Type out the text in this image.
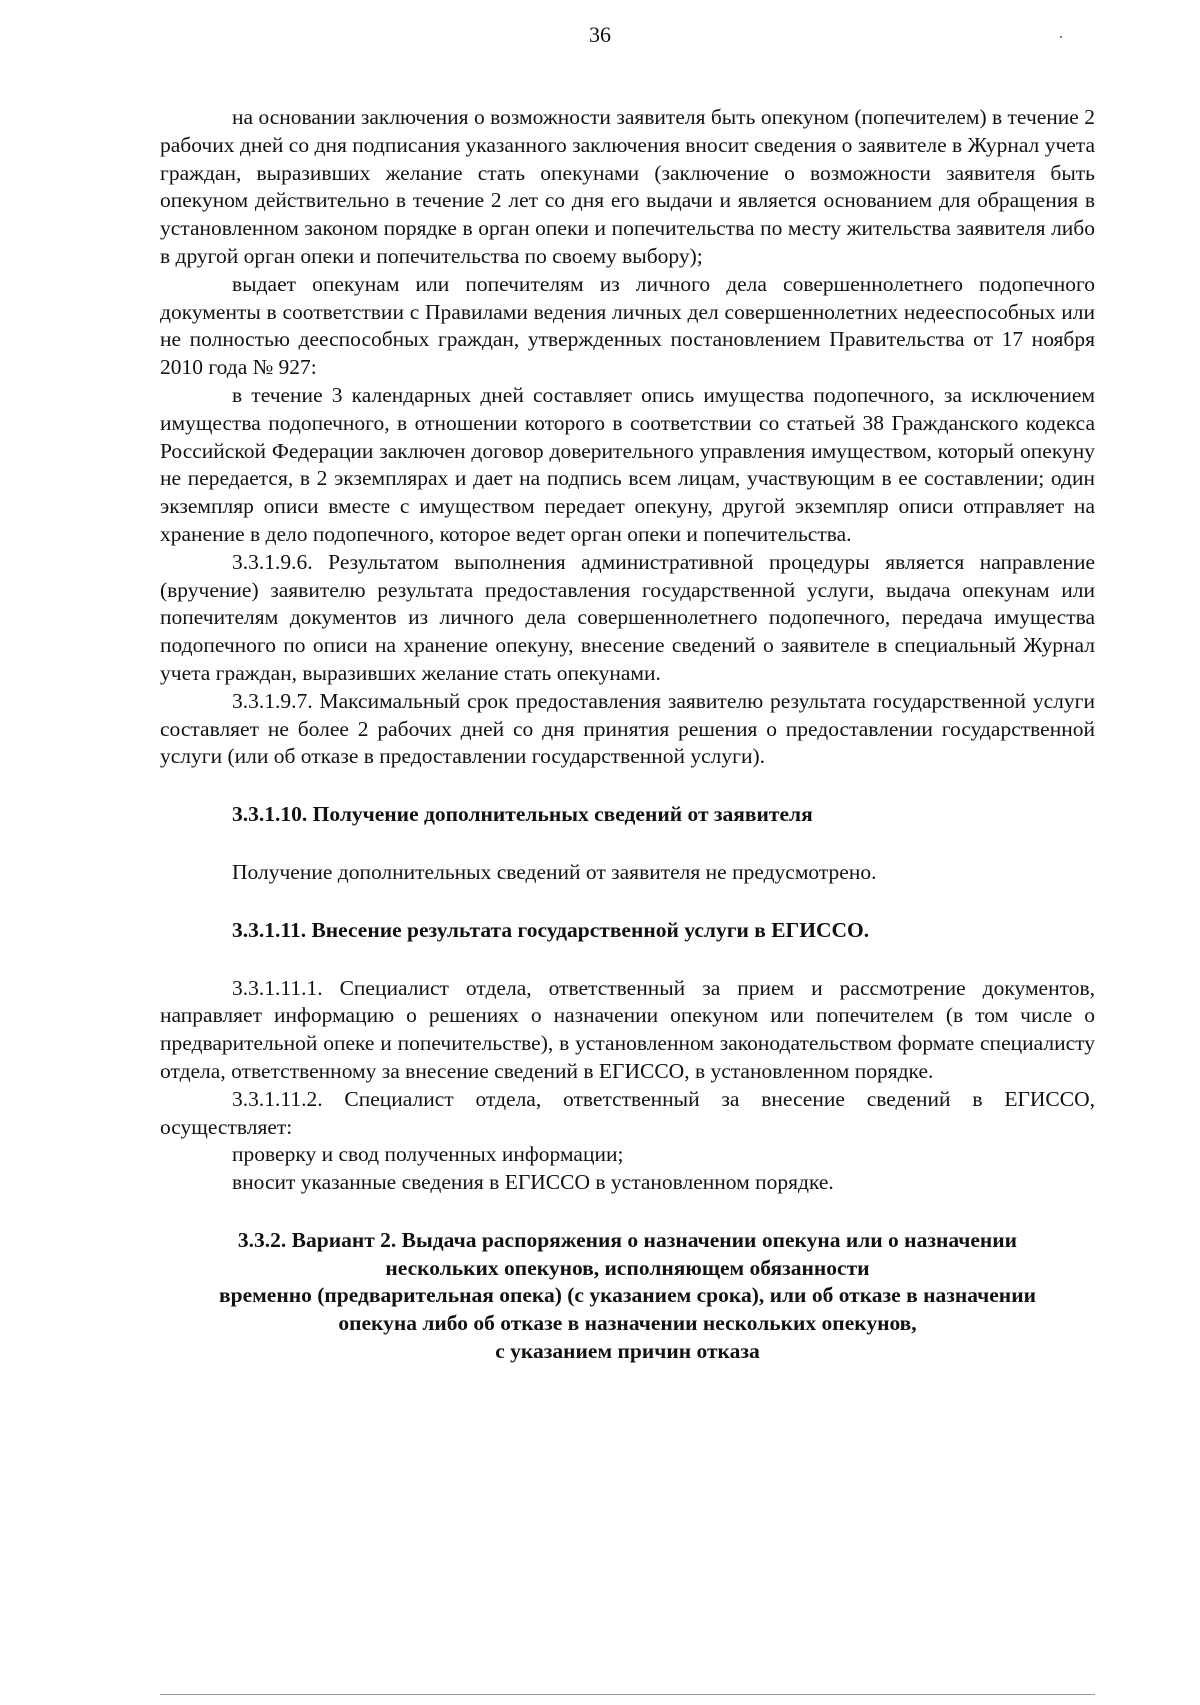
36

на основании заключения о возможности заявителя быть опекуном (попечителем) в течение 2 рабочих дней со дня подписания указанного заключения вносит сведения о заявителе в Журнал учета граждан, выразивших желание стать опекунами (заключение о возможности заявителя быть опекуном действительно в течение 2 лет со дня его выдачи и является основанием для обращения в установленном законом порядке в орган опеки и попечительства по месту жительства заявителя либо в другой орган опеки и попечительства по своему выбору);

выдает опекунам или попечителям из личного дела совершеннолетнего подопечного документы в соответствии с Правилами ведения личных дел совершеннолетних недееспособных или не полностью дееспособных граждан, утвержденных постановлением Правительства от 17 ноября 2010 года № 927:

в течение 3 календарных дней составляет опись имущества подопечного, за исключением имущества подопечного, в отношении которого в соответствии со статьей 38 Гражданского кодекса Российской Федерации заключен договор доверительного управления имуществом, который опекуну не передается, в 2 экземплярах и дает на подпись всем лицам, участвующим в ее составлении; один экземпляр описи вместе с имуществом передает опекуну, другой экземпляр описи отправляет на хранение в дело подопечного, которое ведет орган опеки и попечительства.

3.3.1.9.6. Результатом выполнения административной процедуры является направление (вручение) заявителю результата предоставления государственной услуги, выдача опекунам или попечителям документов из личного дела совершеннолетнего подопечного, передача имущества подопечного по описи на хранение опекуну, внесение сведений о заявителе в специальный Журнал учета граждан, выразивших желание стать опекунами.

3.3.1.9.7. Максимальный срок предоставления заявителю результата государственной услуги составляет не более 2 рабочих дней со дня принятия решения о предоставлении государственной услуги (или об отказе в предоставлении государственной услуги).

3.3.1.10. Получение дополнительных сведений от заявителя

Получение дополнительных сведений от заявителя не предусмотрено.

3.3.1.11. Внесение результата государственной услуги в ЕГИССО.

3.3.1.11.1. Специалист отдела, ответственный за прием и рассмотрение документов, направляет информацию о решениях о назначении опекуном или попечителем (в том числе о предварительной опеке и попечительстве), в установленном законодательством формате специалисту отдела, ответственному за внесение сведений в ЕГИССО, в установленном порядке.

3.3.1.11.2. Специалист отдела, ответственный за внесение сведений в ЕГИССО, осуществляет:

проверку и свод полученных информации;

вносит указанные сведения в ЕГИССО в установленном порядке.

3.3.2. Вариант 2. Выдача распоряжения о назначении опекуна или о назначении

нескольких опекунов, исполняющем обязанности

временно (предварительная опека) (с указанием срока), или об отказе в назначении

опекуна либо об отказе в назначении нескольких опекунов,

с указанием причин отказа
